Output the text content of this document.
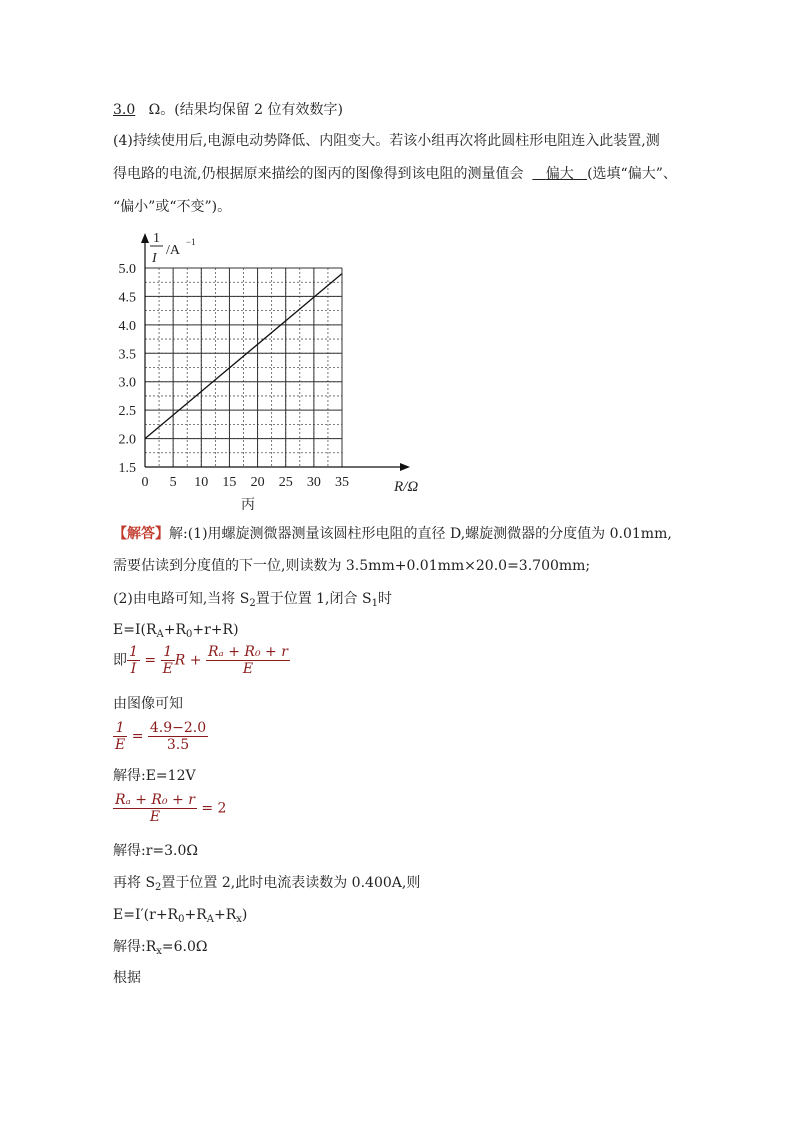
3.0 Ω。(结果均保留 2 位有效数字)
(4)持续使用后,电源电动势降低、内阻变大。若该小组再次将此圆柱形电阻连入此装置,测
得电路的电流,仍根据原来描绘的图丙的图像得到该电阻的测量值会 偏大 (选填“偏大”、
“偏小”或“不变”)。
0 5 10 15 20 25 30 35
1.5
2.0
2.5
3.0
3.5
4.0
4.5
5.0
R/Ω
1
I
/A
−1
丙
【解答】解:(1)用螺旋测微器测量该圆柱形电阻的直径 D,螺旋测微器的分度值为 0.01mm,
需要估读到分度值的下一位,则读数为 3.5mm+0.01mm×20.0=3.700mm;
(2)由电路可知,当将 $S_2$置于位置 1,闭合 $S_1$时
$E=I(R_A+R_0+r+R)$
即 $\frac{1}{I} = \frac{1}{E}$ $R + \frac{\text{Rₐ + R₀ + r}}{E}$
由图像可知
$\frac{1}{E} = \frac{4.9-2.0}{3.5}$
解得:E=12V
$\frac{\text{Rₐ + R₀ + r}}{E} = 2$
解得:r=3.0Ω
再将 $S_2$置于位置 2,此时电流表读数为 0.400A,则
$E=I'(r+R_0+R_A+R_x)$
解得$:R_x=6.0\Omega$
根据
